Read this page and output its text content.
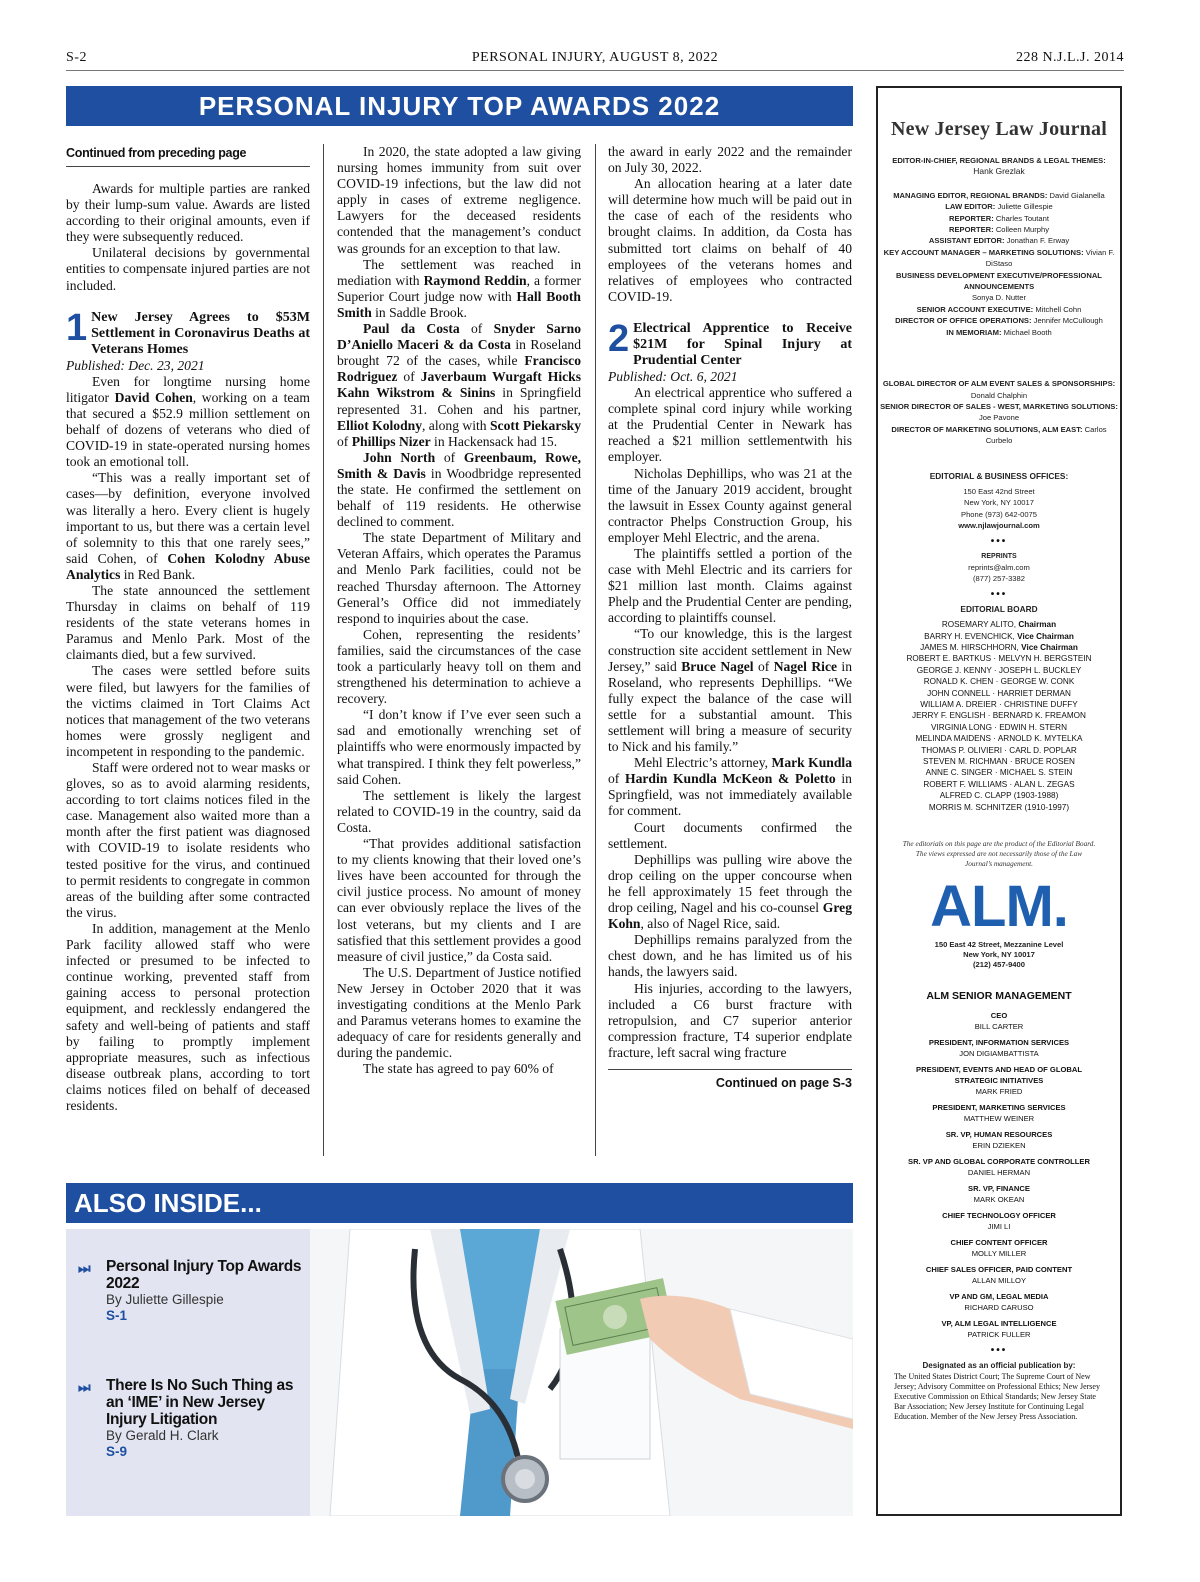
S-2	PERSONAL INJURY, AUGUST 8, 2022	228 N.J.L.J. 2014
PERSONAL INJURY TOP AWARDS 2022
Continued from preceding page

Awards for multiple parties are ranked by their lump-sum value. Awards are listed according to their original amounts, even if they were subsequently reduced.

Unilateral decisions by governmental entities to compensate injured parties are not included.

1 New Jersey Agrees to $53M Settlement in Coronavirus Deaths at Veterans Homes
Published: Dec. 23, 2021

Even for longtime nursing home litigator David Cohen, working on a team that secured a $52.9 million settlement on behalf of dozens of veterans who died of COVID-19 in state-operated nursing homes took an emotional toll.

“This was a really important set of cases—by definition, everyone involved was literally a hero. Every client is hugely important to us, but there was a certain level of solemnity to this that one rarely sees,” said Cohen, of Cohen Kolodny Abuse Analytics in Red Bank.

The state announced the settlement Thursday in claims on behalf of 119 residents of the state veterans homes in Paramus and Menlo Park. Most of the claimants died, but a few survived.

The cases were settled before suits were filed, but lawyers for the families of the victims claimed in Tort Claims Act notices that management of the two veterans homes were grossly negligent and incompetent in responding to the pandemic.

Staff were ordered not to wear masks or gloves, so as to avoid alarming residents, according to tort claims notices filed in the case. Management also waited more than a month after the first patient was diagnosed with COVID-19 to isolate residents who tested positive for the virus, and continued to permit residents to congregate in common areas of the building after some contracted the virus.

In addition, management at the Menlo Park facility allowed staff who were infected or presumed to be infected to continue working, prevented staff from gaining access to personal protection equipment, and recklessly endangered the safety and well-being of patients and staff by failing to promptly implement appropriate measures, such as infectious disease outbreak plans, according to tort claims notices filed on behalf of deceased residents.

In 2020, the state adopted a law giving nursing homes immunity from suit over COVID-19 infections, but the law did not apply in cases of extreme negligence. Lawyers for the deceased residents contended that the management’s conduct was grounds for an exception to that law.

The settlement was reached in mediation with Raymond Reddin, a former Superior Court judge now with Hall Booth Smith in Saddle Brook.

Paul da Costa of Snyder Sarno D’Aniello Maceri & da Costa in Roseland brought 72 of the cases, while Francisco Rodriguez of Javerbaum Wurgaft Hicks Kahn Wikstrom & Sinins in Springfield represented 31. Cohen and his partner, Elliot Kolodny, along with Scott Piekarsky of Phillips Nizer in Hackensack had 15.

John North of Greenbaum, Rowe, Smith & Davis in Woodbridge represented the state. He confirmed the settlement on behalf of 119 residents. He otherwise declined to comment.

The state Department of Military and Veteran Affairs, which operates the Paramus and Menlo Park facilities, could not be reached Thursday afternoon. The Attorney General’s Office did not immediately respond to inquiries about the case.

Cohen, representing the residents’ families, said the circumstances of the case took a particularly heavy toll on them and strengthened his determination to achieve a recovery.

“I don’t know if I’ve ever seen such a sad and emotionally wrenching set of plaintiffs who were enormously impacted by what transpired. I think they felt powerless,” said Cohen.

The settlement is likely the largest related to COVID-19 in the country, said da Costa.

“That provides additional satisfaction to my clients knowing that their loved one’s lives have been accounted for through the civil justice process. No amount of money can ever obviously replace the lives of the lost veterans, but my clients and I are satisfied that this settlement provides a good measure of civil justice,” da Costa said.

The U.S. Department of Justice notified New Jersey in October 2020 that it was investigating conditions at the Menlo Park and Paramus veterans homes to examine the adequacy of care for residents generally and during the pandemic.

The state has agreed to pay 60% of

the award in early 2022 and the remainder on July 30, 2022.

An allocation hearing at a later date will determine how much will be paid out in the case of each of the residents who brought claims. In addition, da Costa has submitted tort claims on behalf of 40 employees of the veterans homes and relatives of employees who contracted COVID-19.

2 Electrical Apprentice to Receive $21M for Spinal Injury at Prudential Center
Published: Oct. 6, 2021

An electrical apprentice who suffered a complete spinal cord injury while working at the Prudential Center in Newark has reached a $21 million settlementwith his employer.

Nicholas Dephillips, who was 21 at the time of the January 2019 accident, brought the lawsuit in Essex County against general contractor Phelps Construction Group, his employer Mehl Electric, and the arena.

The plaintiffs settled a portion of the case with Mehl Electric and its carriers for $21 million last month. Claims against Phelp and the Prudential Center are pending, according to plaintiffs counsel.

“To our knowledge, this is the largest construction site accident settlement in New Jersey,” said Bruce Nagel of Nagel Rice in Roseland, who represents Dephillips. “We fully expect the balance of the case will settle for a substantial amount. This settlement will bring a measure of security to Nick and his family.”

Mehl Electric’s attorney, Mark Kundla of Hardin Kundla McKeon & Poletto in Springfield, was not immediately available for comment.

Court documents confirmed the settlement.

Dephillips was pulling wire above the drop ceiling on the upper concourse when he fell approximately 15 feet through the drop ceiling, Nagel and his co-counsel Greg Kohn, also of Nagel Rice, said.

Dephillips remains paralyzed from the chest down, and he has limited us of his hands, the lawyers said.

His injuries, according to the lawyers, included a C6 burst fracture with retropulsion, and C7 superior anterior compression fracture, T4 superior endplate fracture, left sacral wing fracture

Continued on page S-3
ALSO INSIDE...
⏭ Personal Injury Top Awards 2022
By Juliette Gillespie
S-1
⏭ There Is No Such Thing as an ‘IME’ in New Jersey Injury Litigation
By Gerald H. Clark
S-9
New Jersey Law Journal
EDITOR-IN-CHIEF, REGIONAL BRANDS & LEGAL THEMES:
Hank Grezlak
MANAGING EDITOR, REGIONAL BRANDS: David Gialanella
LAW EDITOR: Juliette Gillespie
REPORTER: Charles Toutant
REPORTER: Colleen Murphy
ASSISTANT EDITOR: Jonathan F. Erway
KEY ACCOUNT MANAGER – MARKETING SOLUTIONS: Vivian F. DiStaso
BUSINESS DEVELOPMENT EXECUTIVE/PROFESSIONAL ANNOUNCEMENTS
Sonya D. Nutter
SENIOR ACCOUNT EXECUTIVE: Mitchell Cohn
DIRECTOR OF OFFICE OPERATIONS: Jennifer McCullough
IN MEMORIAM: Michael Booth
GLOBAL DIRECTOR OF ALM EVENT SALES & SPONSORSHIPS: Donald Chalphin
SENIOR DIRECTOR OF SALES - WEST, MARKETING SOLUTIONS: Joe Pavone
DIRECTOR OF MARKETING SOLUTIONS, ALM EAST: Carlos Curbelo
EDITORIAL & BUSINESS OFFICES:
150 East 42nd Street
New York, NY 10017
Phone (973) 642-0075
www.njlawjournal.com
•••
REPRINTS
reprints@alm.com
(877) 257-3382
•••
EDITORIAL BOARD
ROSEMARY ALITO, Chairman
BARRY H. EVENCHICK, Vice Chairman
JAMES M. HIRSCHHORN, Vice Chairman
ROBERT E. BARTKUS · MELVYN H. BERGSTEIN
GEORGE J. KENNY · JOSEPH L. BUCKLEY
RONALD K. CHEN · GEORGE W. CONK
JOHN CONNELL · HARRIET DERMAN
WILLIAM A. DREIER · CHRISTINE DUFFY
JERRY F. ENGLISH · BERNARD K. FREAMON
VIRGINIA LONG · EDWIN H. STERN
MELINDA MAIDENS · ARNOLD K. MYTELKA
THOMAS P. OLIVIERI · CARL D. POPLAR
STEVEN M. RICHMAN · BRUCE ROSEN
ANNE C. SINGER · MICHAEL S. STEIN
ROBERT F. WILLIAMS · ALAN L. ZEGAS
ALFRED C. CLAPP (1903-1988)
MORRIS M. SCHNITZER (1910-1997)
The editorials on this page are the product of the Editorial Board. The views expressed are not necessarily those of the Law Journal’s management.
ALM.
150 East 42 Street, Mezzanine Level
New York, NY 10017
(212) 457-9400
ALM SENIOR MANAGEMENT
CEO
BILL CARTER
PRESIDENT, INFORMATION SERVICES
JON DIGIAMBATTISTA
PRESIDENT, EVENTS AND HEAD OF GLOBAL STRATEGIC INITIATIVES
MARK FRIED
PRESIDENT, MARKETING SERVICES
MATTHEW WEINER
SR. VP, HUMAN RESOURCES
ERIN DZIEKEN
SR. VP AND GLOBAL CORPORATE CONTROLLER
DANIEL HERMAN
SR. VP, FINANCE
MARK OKEAN
CHIEF TECHNOLOGY OFFICER
JIMI LI
CHIEF CONTENT OFFICER
MOLLY MILLER
CHIEF SALES OFFICER, PAID CONTENT
ALLAN MILLOY
VP AND GM, LEGAL MEDIA
RICHARD CARUSO
VP, ALM LEGAL INTELLIGENCE
PATRICK FULLER
•••
Designated as an official publication by:
The United States District Court; The Supreme Court of New Jersey; Advisory Committee on Professional Ethics; New Jersey Executive Commission on Ethical Standards; New Jersey State Bar Association; New Jersey Institute for Continuing Legal Education. Member of the New Jersey Press Association.
